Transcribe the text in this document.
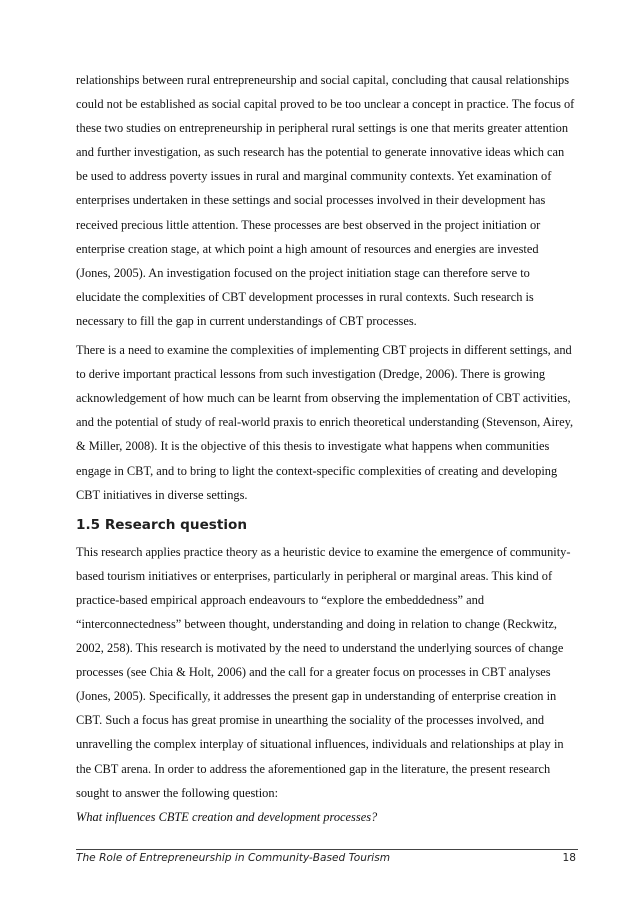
relationships between rural entrepreneurship and social capital, concluding that causal relationships could not be established as social capital proved to be too unclear a concept in practice. The focus of these two studies on entrepreneurship in peripheral rural settings is one that merits greater attention and further investigation, as such research has the potential to generate innovative ideas which can be used to address poverty issues in rural and marginal community contexts. Yet examination of enterprises undertaken in these settings and social processes involved in their development has received precious little attention. These processes are best observed in the project initiation or enterprise creation stage, at which point a high amount of resources and energies are invested (Jones, 2005). An investigation focused on the project initiation stage can therefore serve to elucidate the complexities of CBT development processes in rural contexts. Such research is necessary to fill the gap in current understandings of CBT processes.

There is a need to examine the complexities of implementing CBT projects in different settings, and to derive important practical lessons from such investigation (Dredge, 2006). There is growing acknowledgement of how much can be learnt from observing the implementation of CBT activities, and the potential of study of real-world praxis to enrich theoretical understanding (Stevenson, Airey, & Miller, 2008). It is the objective of this thesis to investigate what happens when communities engage in CBT, and to bring to light the context-specific complexities of creating and developing CBT initiatives in diverse settings.

1.5 Research question

This research applies practice theory as a heuristic device to examine the emergence of community-based tourism initiatives or enterprises, particularly in peripheral or marginal areas. This kind of practice-based empirical approach endeavours to “explore the embeddedness” and “interconnectedness” between thought, understanding and doing in relation to change (Reckwitz, 2002, 258). This research is motivated by the need to understand the underlying sources of change processes (see Chia & Holt, 2006) and the call for a greater focus on processes in CBT analyses (Jones, 2005). Specifically, it addresses the present gap in understanding of enterprise creation in CBT. Such a focus has great promise in unearthing the sociality of the processes involved, and unravelling the complex interplay of situational influences, individuals and relationships at play in the CBT arena. In order to address the aforementioned gap in the literature, the present research sought to answer the following question:

What influences CBTE creation and development processes?

The Role of Entrepreneurship in Community-Based Tourism	18
